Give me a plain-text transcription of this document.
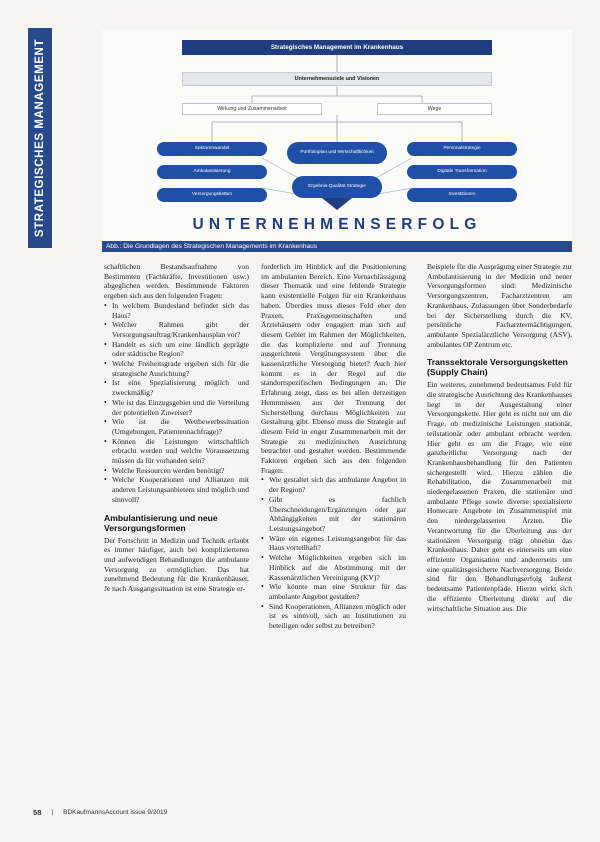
STRATEGISCHES MANAGEMENT	Strategisches Management im Krankenhaus
Unternehmensziele und Visionen
Wirkung und Zusammenarbeit	Wege
Sektorenwandel
Ambulantisierung
Versorgungsketten
Personalstrategie
Digitale Transformation
Investitionen
Portfolioplan und Wirtschaftlichkeit
Ergebnis-Qualität Strategie
UNTERNEHMENSERFOLG
Abb.: Die Grundlagen des Strategischen Managements im Krankenhaus

schaftlichen Bestandsaufnahme von Bestimmten (Fachkräfte, Investitionen usw.) abgeglichen werden. Bestimmende Faktoren ergeben sich aus den folgenden Fragen:

• In welchem Bundesland befindet sich das Haus?
• Welcher Rahmen gibt der Versorgungsauftrag/Krankenhausplan vor?
• Handelt es sich um eine ländlich geprägte oder städtische Region?
• Welche Freiheitsgrade ergeben sich für die strategische Ausrichtung?
• Ist eine Spezialisierung möglich und zweckmäßig?
• Wie ist das Einzugsgebiet und die Verteilung der potentiellen Zuweiser?
• Wie ist die Wettbewerbssituation (Umgebungen, Patientennachfrage)?
• Können die Leistungen wirtschaftlich erbracht werden und welche Voraussetzung müssen da für vorhanden sein?
• Welche Ressourcen werden benötigt?
• Welche Kooperationen und Allianzen mit anderen Leistungsanbietern sind möglich und sinnvoll?
Ambulantisierung und neue Versorgungsformen

Der Fortschritt in Medizin und Technik erlaubt es immer häufiger, auch bei komplizierteren und aufwendigen Behandlungen die ambulante Versorgung zu ermöglichen. Das hat zunehmend Bedeutung für die Krankenhäuser. Je nach Ausgangssituation ist eine Strategie er-

forderlich im Hinblick auf die Positionierung im ambulanten Bereich. Eine Vernachlässigung dieser Thematik und eine fehlende Strategie kann existentielle Folgen für ein Krankenhaus haben. Überdies muss dieses Feld eher den Praxen, Praxisgemeinschaften und Ärztehäusern oder engagiert man sich auf diesem Gebiet im Rahmen der Möglichkeiten, die das komplizierte und auf Trennung ausgerichtete Vergütungssystem über die kassenärztliche Versorgung bietet? Auch hier kommt es in der Regel auf die standortspezifischen Bedingungen an. Die Erfahrung zeigt, dass es bei allen derzeitigen Hemmnissen aus der Trennung der Sicherstellung durchaus Möglichkeiten zur Gestaltung gibt. Ebenso muss die Strategie auf diesem Feld in enger Zusammenarbeit mit der Strategie zu medizinischen Ausrichtung betrachtet und gestaltet werden. Bestimmende Faktoren ergeben sich aus den folgenden Fragen:

• Wie gestaltet sich das ambulante Angebot in der Region?
• Gibt es fachlich Überschneidungen/Ergänzungen oder gar Abhängigkeiten mit der stationären Leistungsangebot?
• Wäre ein eigenes Leistungsangebot für das Haus vorteilhaft?
• Welche Möglichkeiten ergeben sich im Hinblick auf die Abstimmung mit der Kassenärztlichen Vereinigung (KV)?
• Wie könnte man eine Struktur für das ambulante Angebot gestalten?
• Sind Kooperationen, Allianzen möglich oder ist es sinnvoll, sich an Institutionen zu beteiligen oder selbst zu betreiben?

Beispiele für die Ausprägung einer Strategie zur Ambulantisierung in der Medizin und neuer Versorgungsformen sind: Medizinische Versorgungszentren, Facharztzentren am Krankenhaus, Zulassungen über Sonderbedarfe bei der Sicherstellung durch die KV, persönliche Facharztermächtigungen, ambulante Spezialärztliche Versorgung (ASV), ambulantes OP Zentrum etc.

Transsektorale Versorgungsketten (Supply Chain)

Ein weiteres, zunehmend bedeutsames Feld für die strategische Ausrichtung des Krankenhauses liegt in der Ausgestaltung einer Versorgungskette. Hier geht es nicht nur um die Frage, ob medizinische Leistungen stationär, teilstationär oder ambulant erbracht werden. Hier geht es um die Frage, wie eine ganzheitliche Versorgung nach der Krankenhausbehandlung für den Patienten sichergestellt wird. Hierzu zählen die Rehabilitation, die Zusammenarbeit mit niedergelassenen Praxen, die stationäre und ambulante Pflege sowie diverse spezialisierte Homecare Angebote im Zusammenspiel mit den niedergelassenen Ärzten. Die Verantwortung für die Überleitung aus der stationären Versorgung trägt ohnehin das Krankenhaus. Daher geht es einerseits um eine effiziente Organisation und andererseits um eine qualitätsgesicherte Nachversorgung. Beide sind für den Behandlungserfolg äußerst bedeutsame Patientenpfade. Hierzu wirkt sich die effiziente Überleitung direkt auf die wirtschaftliche Situation aus. Die

58 | BDKaufmannsAccount issue 9/2019
